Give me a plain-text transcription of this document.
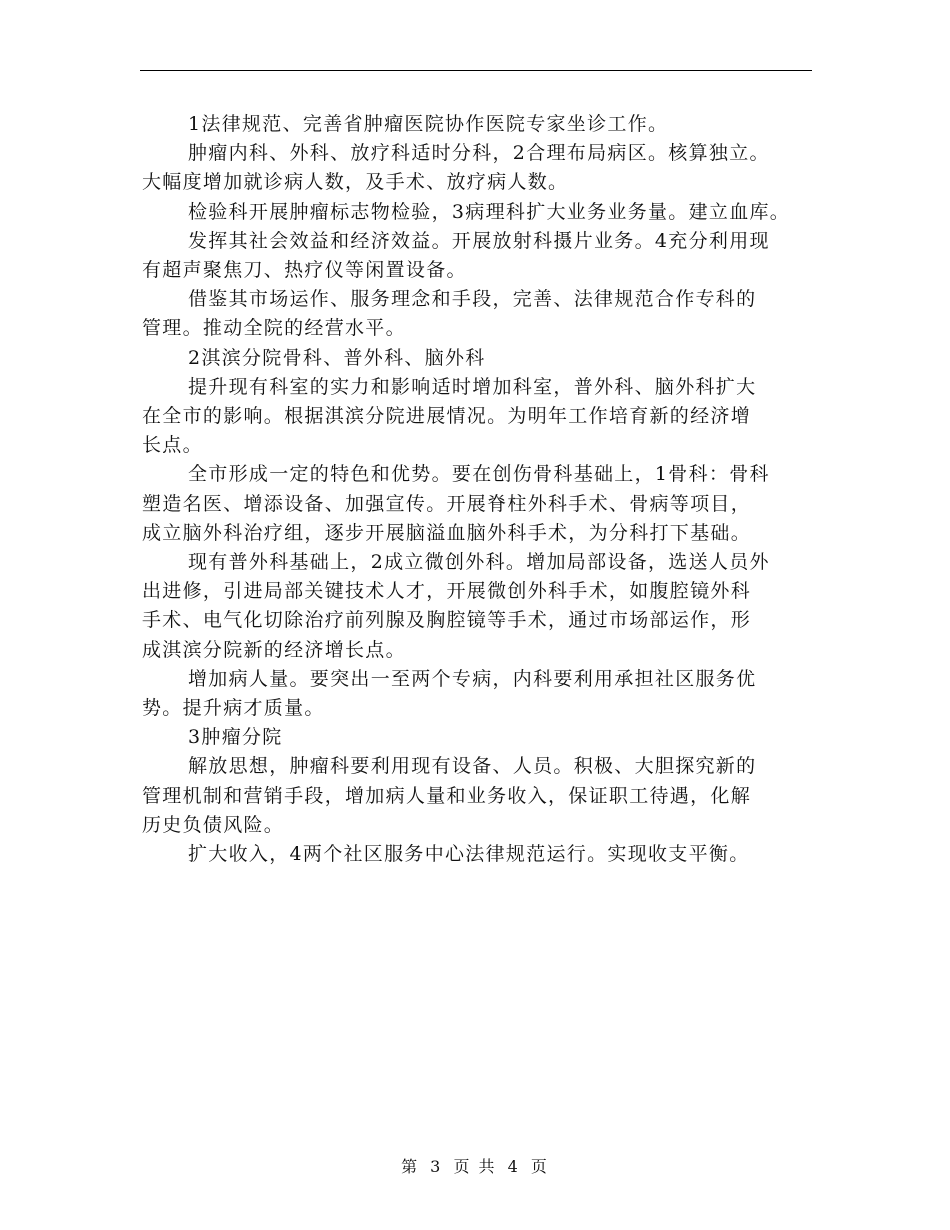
1法律规范、完善省肿瘤医院协作医院专家坐诊工作。

肿瘤内科、外科、放疗科适时分科，2合理布局病区。核算独立。

大幅度增加就诊病人数，及手术、放疗病人数。

检验科开展肿瘤标志物检验，3病理科扩大业务业务量。建立血库。

发挥其社会效益和经济效益。开展放射科摄片业务。4充分利用现

有超声聚焦刀、热疗仪等闲置设备。

借鉴其市场运作、服务理念和手段，完善、法律规范合作专科的

管理。推动全院的经营水平。

2淇滨分院骨科、普外科、脑外科

提升现有科室的实力和影响适时增加科室，普外科、脑外科扩大

在全市的影响。根据淇滨分院进展情况。为明年工作培育新的经济增

长点。

全市形成一定的特色和优势。要在创伤骨科基础上，1骨科：骨科

塑造名医、增添设备、加强宣传。开展脊柱外科手术、骨病等项目，

成立脑外科治疗组，逐步开展脑溢血脑外科手术，为分科打下基础。

现有普外科基础上，2成立微创外科。增加局部设备，选送人员外

出进修，引进局部关键技术人才，开展微创外科手术，如腹腔镜外科

手术、电气化切除治疗前列腺及胸腔镜等手术，通过市场部运作，形

成淇滨分院新的经济增长点。

增加病人量。要突出一至两个专病，内科要利用承担社区服务优

势。提升病才质量。

3肿瘤分院

解放思想，肿瘤科要利用现有设备、人员。积极、大胆探究新的

管理机制和营销手段，增加病人量和业务收入，保证职工待遇，化解

历史负债风险。

扩大收入，4两个社区服务中心法律规范运行。实现收支平衡。

第 3 页 共 4 页
